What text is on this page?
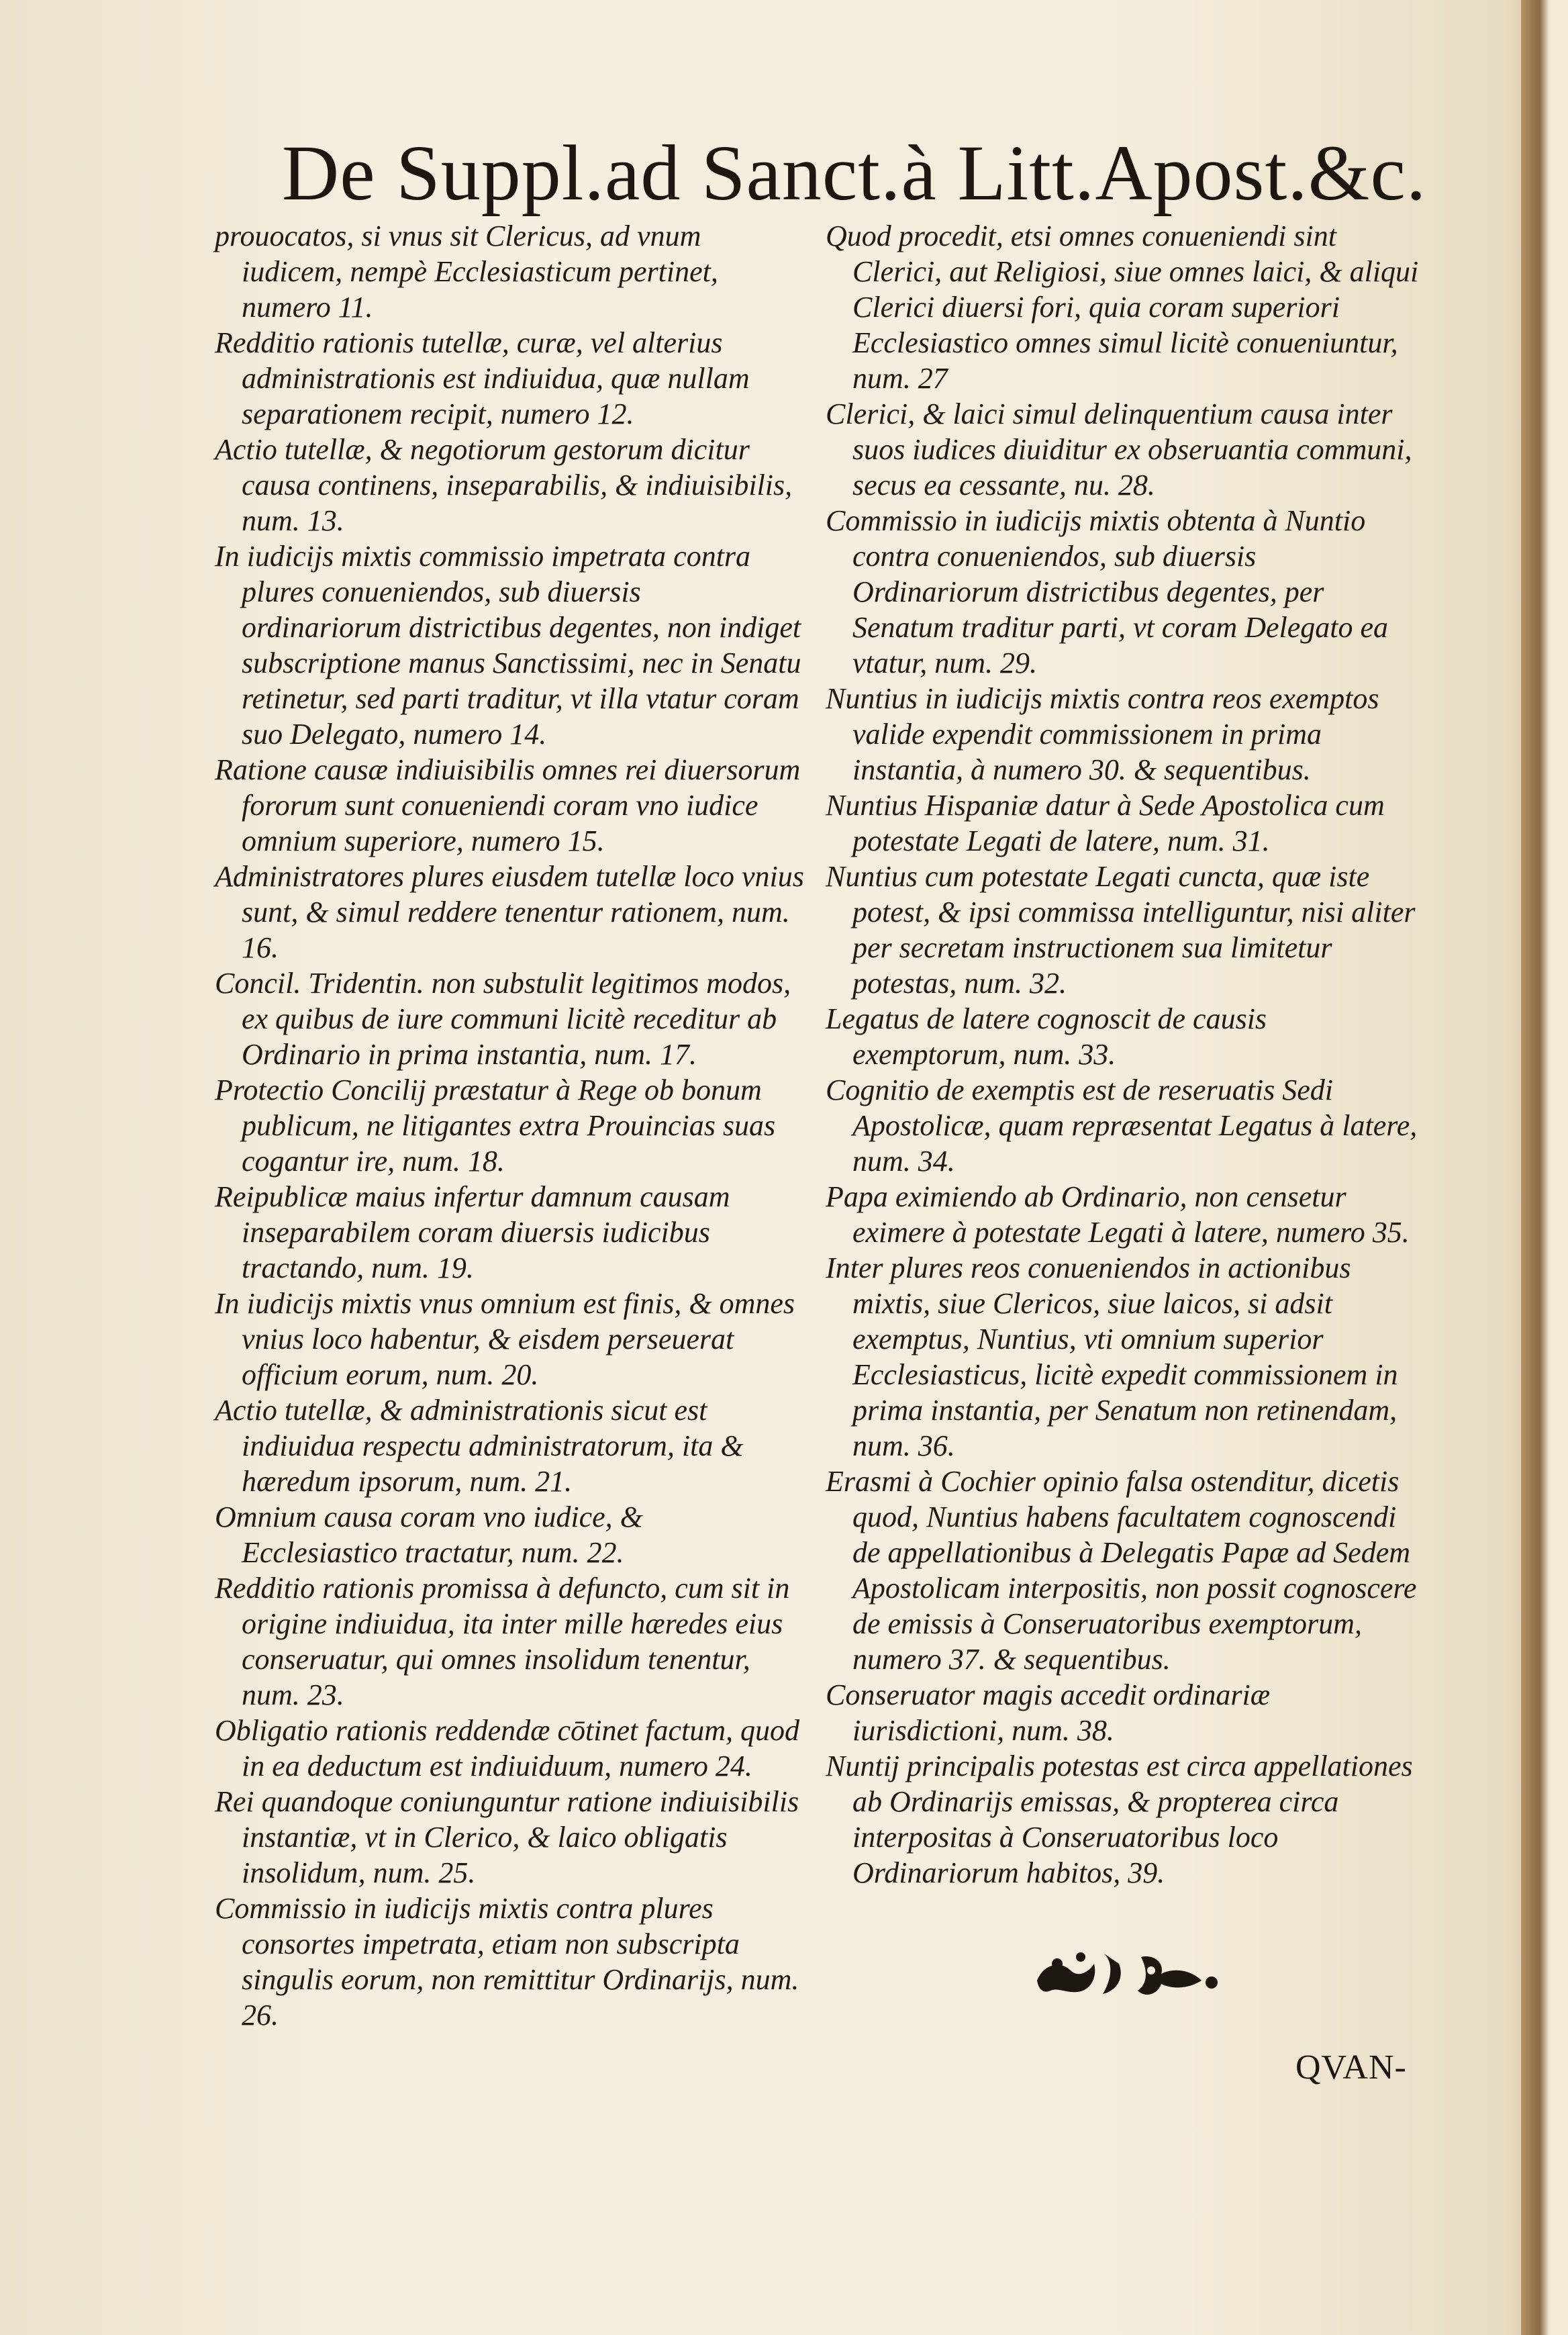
De Suppl.ad Sanct.à Litt.Apost.&c.

prouocatos, si vnus sit Clericus, ad vnum iudicem, nempè Ecclesiasticum pertinet, numero 11.

Redditio rationis tutellæ, curæ, vel alterius administrationis est indiuidua, quæ nullam separationem recipit, numero 12.

Actio tutellæ, & negotiorum gestorum dicitur causa continens, inseparabilis, & indiuisibilis, num. 13.

In iudicijs mixtis commissio impetrata contra plures conueniendos, sub diuersis ordinariorum districtibus degentes, non indiget subscriptione manus Sanctissimi, nec in Senatu retinetur, sed parti traditur, vt illa vtatur coram suo Delegato, numero 14.

Ratione causæ indiuisibilis omnes rei diuersorum fororum sunt conueniendi coram vno iudice omnium superiore, numero 15.

Administratores plures eiusdem tutellæ loco vnius sunt, & simul reddere tenentur rationem, num. 16.

Concil. Tridentin. non substulit legitimos modos, ex quibus de iure communi licitè receditur ab Ordinario in prima instantia, num. 17.

Protectio Concilij præstatur à Rege ob bonum publicum, ne litigantes extra Prouincias suas cogantur ire, num. 18.

Reipublicæ maius infertur damnum causam inseparabilem coram diuersis iudicibus tractando, num. 19.

In iudicijs mixtis vnus omnium est finis, & omnes vnius loco habentur, & eisdem perseuerat officium eorum, num. 20.

Actio tutellæ, & administrationis sicut est indiuidua respectu administratorum, ita & hæredum ipsorum, num. 21.

Omnium causa coram vno iudice, & Ecclesiastico tractatur, num. 22.

Redditio rationis promissa à defuncto, cum sit in origine indiuidua, ita inter mille hæredes eius conseruatur, qui omnes insolidum tenentur, num. 23.

Obligatio rationis reddendæ cōtinet factum, quod in ea deductum est indiuiduum, numero 24.

Rei quandoque coniunguntur ratione indiuisibilis instantiæ, vt in Clerico, & laico obligatis insolidum, num. 25.

Commissio in iudicijs mixtis contra plures consortes impetrata, etiam non subscripta singulis eorum, non remittitur Ordinarijs, num. 26.

Quod procedit, etsi omnes conueniendi sint Clerici, aut Religiosi, siue omnes laici, & aliqui Clerici diuersi fori, quia coram superiori Ecclesiastico omnes simul licitè conueniuntur, num. 27

Clerici, & laici simul delinquentium causa inter suos iudices diuiditur ex obseruantia communi, secus ea cessante, nu. 28.

Commissio in iudicijs mixtis obtenta à Nuntio contra conueniendos, sub diuersis Ordinariorum districtibus degentes, per Senatum traditur parti, vt coram Delegato ea vtatur, num. 29.

Nuntius in iudicijs mixtis contra reos exemptos valide expendit commissionem in prima instantia, à numero 30. & sequentibus.

Nuntius Hispaniæ datur à Sede Apostolica cum potestate Legati de latere, num. 31.

Nuntius cum potestate Legati cuncta, quæ iste potest, & ipsi commissa intelliguntur, nisi aliter per secretam instructionem sua limitetur potestas, num. 32.

Legatus de latere cognoscit de causis exemptorum, num. 33.

Cognitio de exemptis est de reseruatis Sedi Apostolicæ, quam repræsentat Legatus à latere, num. 34.

Papa eximiendo ab Ordinario, non censetur eximere à potestate Legati à latere, numero 35.

Inter plures reos conueniendos in actionibus mixtis, siue Clericos, siue laicos, si adsit exemptus, Nuntius, vti omnium superior Ecclesiasticus, licitè expedit commissionem in prima instantia, per Senatum non retinendam, num. 36.

Erasmi à Cochier opinio falsa ostenditur, dicetis quod, Nuntius habens facultatem cognoscendi de appellationibus à Delegatis Papæ ad Sedem Apostolicam interpositis, non possit cognoscere de emissis à Conseruatoribus exemptorum, numero 37. & sequentibus.

Conseruator magis accedit ordinariæ iurisdictioni, num. 38.

Nuntij principalis potestas est circa appellationes ab Ordinarijs emissas, & propterea circa interpositas à Conseruatoribus loco Ordinariorum habitos, 39.

QVAN-
